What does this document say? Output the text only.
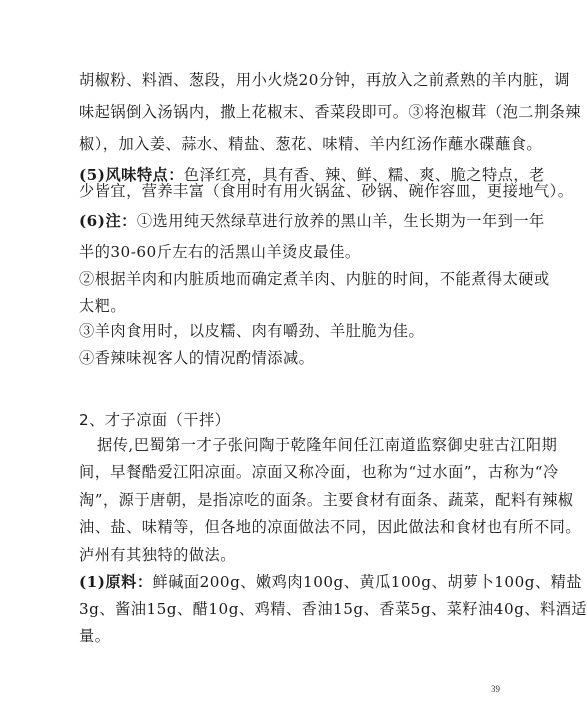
胡椒粉、料酒、葱段，用小火烧20分钟，再放入之前煮熟的羊内脏，调
味起锅倒入汤锅内，撒上花椒末、香菜段即可。③将泡椒茸（泡二荆条辣
椒），加入姜、蒜水、精盐、葱花、味精、羊内红汤作蘸水碟蘸食。
(5)风味特点：色泽红亮，具有香、辣、鲜、糯、爽、脆之特点，老
少皆宜，营养丰富（食用时有用火锅盆、砂锅、碗作容皿，更接地气）。
(6)注：①选用纯天然绿草进行放养的黑山羊，生长期为一年到一年
半的30-60斤左右的活黑山羊烫皮最佳。
②根据羊肉和内脏质地而确定煮羊肉、内脏的时间，不能煮得太硬或
太粑。
③羊肉食用时，以皮糯、肉有嚼劲、羊肚脆为佳。
④香辣味视客人的情况酌情添减。
2、才子凉面（干拌）
据传,巴蜀第一才子张问陶于乾隆年间任江南道监察御史驻古江阳期
间，早餐酷爱江阳凉面。凉面又称冷面，也称为“过水面”，古称为“冷
淘”，源于唐朝，是指凉吃的面条。主要食材有面条、蔬菜，配料有辣椒
油、盐、味精等，但各地的凉面做法不同，因此做法和食材也有所不同。
泸州有其独特的做法。
(1)原料：鲜碱面200g、嫩鸡肉100g、黄瓜100g、胡萝卜100g、精盐
3g、酱油15g、醋10g、鸡精、香油15g、香菜5g、菜籽油40g、料酒适
量。
39
